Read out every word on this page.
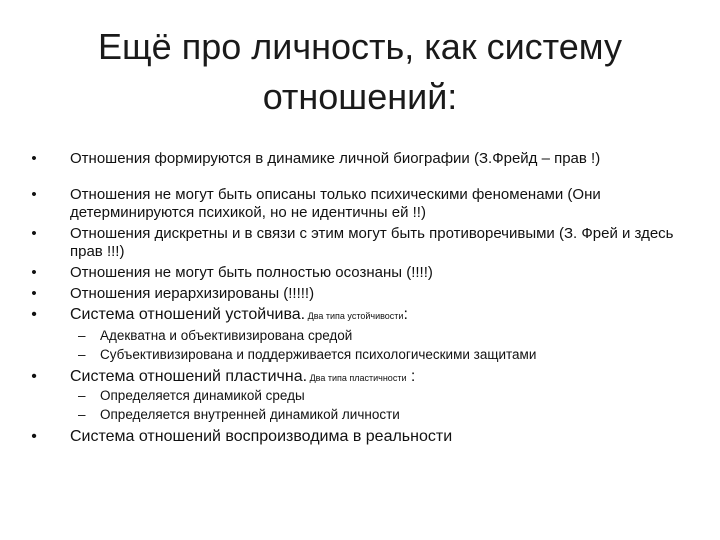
Ещё про личность, как систему
отношений:
• Отношения формируются в динамике личной биографии (З.Фрейд – прав !)
• Отношения не могут быть описаны только психическими феноменами (Они детерминируются психикой, но не идентичны ей !!)
• Отношения дискретны и в связи с этим могут быть противоречивыми (З. Фрей и здесь прав !!!)
• Отношения не могут быть полностью осознаны (!!!!)
• Отношения иерархизированы (!!!!!)
• Система отношений устойчива. Два типа устойчивости:
– Адекватна и объективизирована средой
– Субъективизирована и поддерживается психологическими защитами
• Система отношений пластична. Два типа пластичности :
– Определяется динамикой среды
– Определяется внутренней динамикой личности
• Система отношений воспроизводима в реальности
